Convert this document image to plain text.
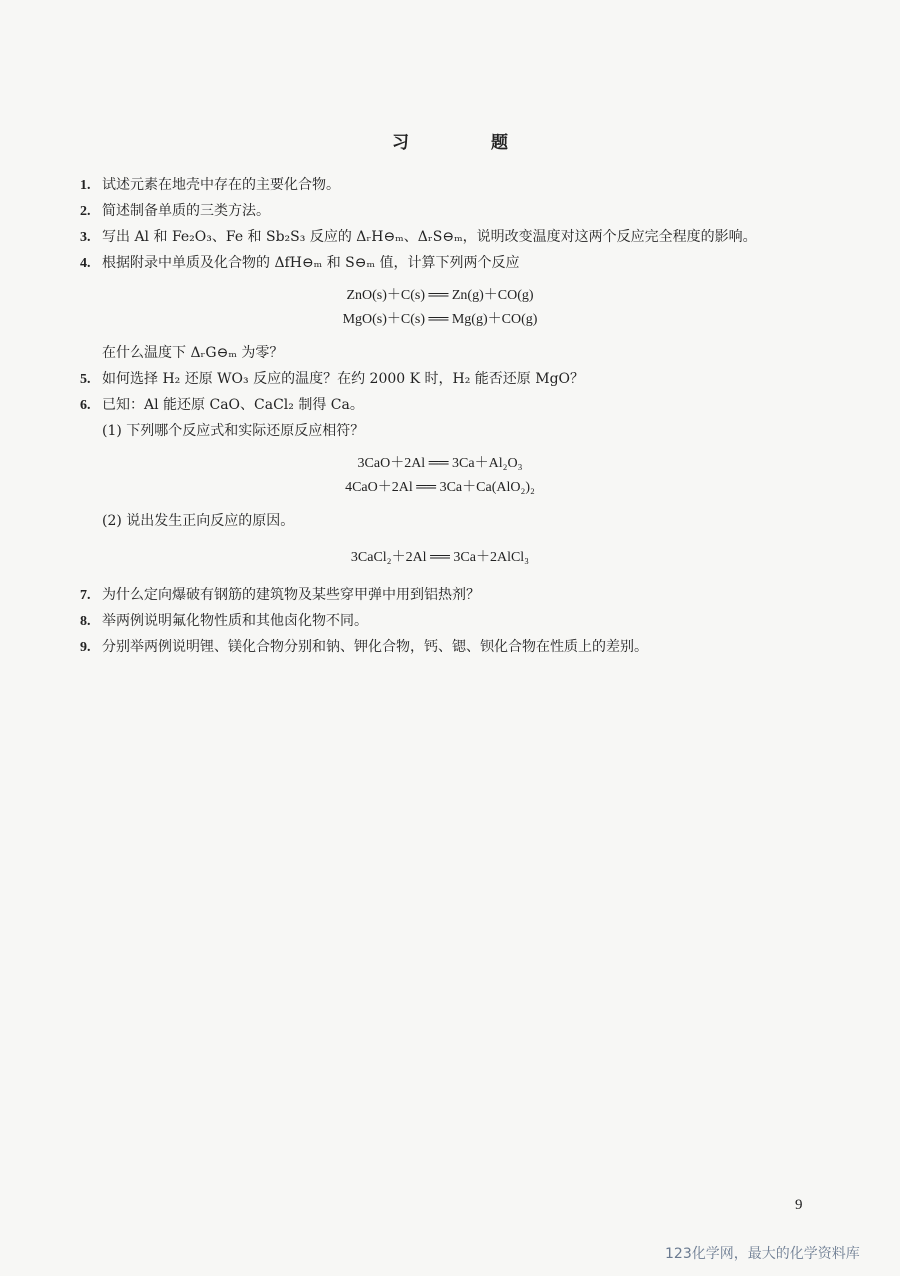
习 题
1. 试述元素在地壳中存在的主要化合物。
2. 简述制备单质的三类方法。
3. 写出 Al 和 Fe₂O₃、Fe 和 Sb₂S₃ 反应的 ΔᵣH⊖ₘ、ΔᵣS⊖ₘ，说明改变温度对这两个反应完全程度的影响。
4. 根据附录中单质及化合物的 ΔfH⊖ₘ 和 S⊖ₘ 值，计算下列两个反应
ZnO(s)＋C(s) ══ Zn(g)＋CO(g)
MgO(s)＋C(s) ══ Mg(g)＋CO(g)
在什么温度下 ΔᵣG⊖ₘ 为零？
5. 如何选择 H₂ 还原 WO₃ 反应的温度？在约 2000 K 时，H₂ 能否还原 MgO？
6. 已知：Al 能还原 CaO、CaCl₂ 制得 Ca。
(1) 下列哪个反应式和实际还原反应相符？
3CaO＋2Al ══ 3Ca＋Al₂O₃
4CaO＋2Al ══ 3Ca＋Ca(AlO₂)₂
(2) 说出发生正向反应的原因。
3CaCl₂＋2Al ══ 3Ca＋2AlCl₃
7. 为什么定向爆破有钢筋的建筑物及某些穿甲弹中用到铝热剂？
8. 举两例说明氟化物性质和其他卤化物不同。
9. 分别举两例说明锂、镁化合物分别和钠、钾化合物，钙、锶、钡化合物在性质上的差别。
9
123化学网，最大的化学资料库
